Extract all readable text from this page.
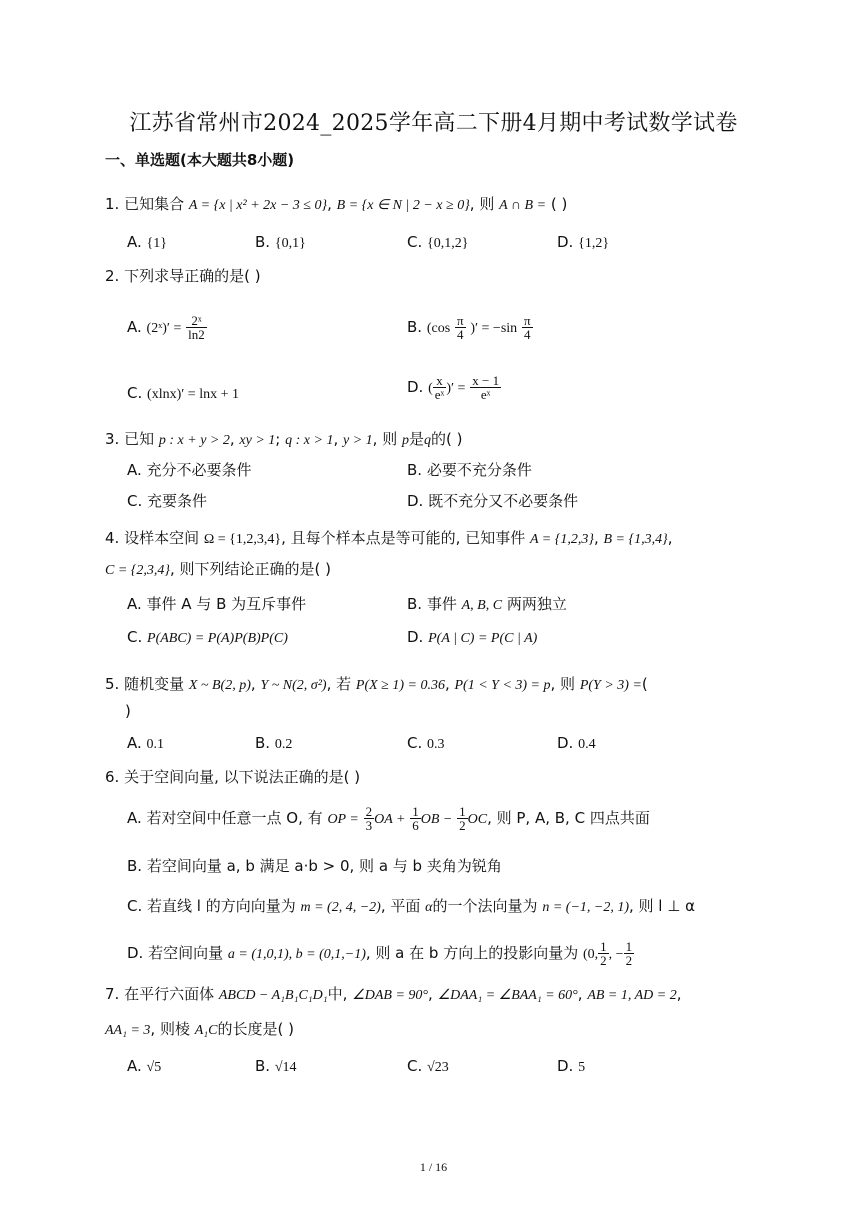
江苏省常州市2024_2025学年高二下册4月期中考试数学试卷
一、单选题(本大题共8小题)
1. 已知集合 A = {x | x² + 2x − 3 ≤ 0}, B = {x ∈ N | 2 − x ≥ 0}, 则 A ∩ B = ( )
A. {1}	B. {0,1}	C. {0,1,2}	D. {1,2}
2. 下列求导正确的是( )
A. (2ˣ)′ = $\frac{\text{2ˣ}}{\ln 2}$	B. ($\cos \frac{\pi}{4}$ )′ = $-\sin \frac{\pi}{4}$
C. (xlnx)′ = lnx + 1	D. ( $\frac{x}{\text{eˣ}}$ )′ = $\frac{x - 1}{\text{eˣ}}$
3. 已知 p : x + y > 2, xy > 1; q : x > 1, y > 1, 则 p是q的( )
A. 充分不必要条件	B. 必要不充分条件
C. 充要条件	D. 既不充分又不必要条件
4. 设样本空间 Ω = {1,2,3,4}, 且每个样本点是等可能的, 已知事件 A = {1,2,3}, B = {1,3,4},
C = {2,3,4}, 则下列结论正确的是( )
A. 事件 A 与 B 为互斥事件	B. 事件 A, B, C 两两独立
C. P(ABC) = P(A)P(B)P(C)	D. P(A | C) = P(C | A)
5. 随机变量 X ~ B(2, p), Y ~ N(2, σ²), 若 P(X ≥ 1) = 0.36, P(1 < Y < 3) = p, 则 P(Y > 3) =(
)
A. 0.1	B. 0.2	C. 0.3	D. 0.4
6. 关于空间向量, 以下说法正确的是( )
A. 若对空间中任意一点 O, 有 OP = $\frac{2}{3}$ OA + $\frac{1}{6}$ OB − $\frac{1}{2}$ OC, 则 P, A, B, C 四点共面
B. 若空间向量 a, b 满足 a·b > 0, 则 a 与 b 夹角为锐角
C. 若直线 l 的方向向量为 m = (2, 4, −2), 平面 α的一个法向量为 n = (−1, −2, 1), 则 l ⊥ α
D. 若空间向量 a = (1,0,1), b = (0,1,−1), 则 a 在 b 方向上的投影向量为 (0, $\frac{1}{2}$ , − $\frac{1}{2}$
7. 在平行六面体 ABCD − A₁B₁C₁D₁中, ∠DAB = 90°, ∠DAA₁ = ∠BAA₁ = 60°, AB = 1, AD = 2,
AA₁ = 3, 则棱 A₁C的长度是( )
A. √5	B. √14	C. √23	D. 5
1 / 16
